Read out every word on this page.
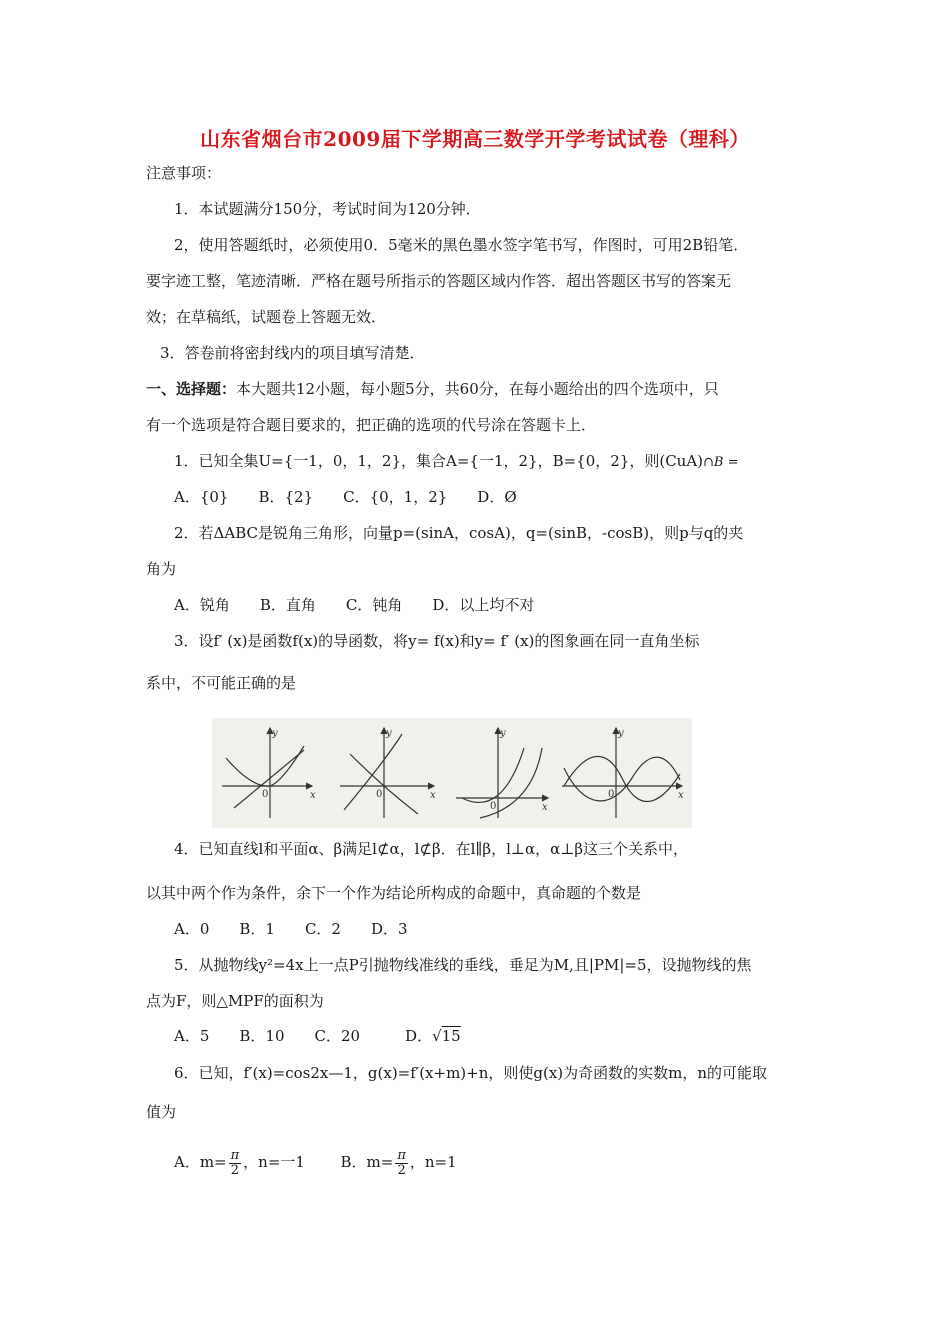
山东省烟台市2009届下学期高三数学开学考试试卷（理科）
注意事项：
1．本试题满分150分，考试时间为120分钟．
2，使用答题纸时，必须使用0．5毫米的黑色墨水签字笔书写，作图时，可用2B铅笔．
要字迹工整，笔迹清晰．严格在题号所指示的答题区域内作答．超出答题区书写的答案无
效；在草稿纸，试题卷上答题无效．
3．答卷前将密封线内的项目填写清楚．
一、选择题：本大题共12小题，每小题5分，共60分，在每小题给出的四个选项中，只
有一个选项是符合题目要求的，把正确的选项的代号涂在答题卡上．
1．已知全集U={一1，0，1，2}，集合A={一1，2}，B={0，2}，则(CuA)∩B =
A．{0}　　B．{2}　　C．{0，1，2}　　D．Ø
2．若ΔABC是锐角三角形，向量p=(sinA，cosA)，q=(sinB，-cosB)，则p与q的夹
角为
A．锐角　　B．直角　　C．钝角　　D．以上均不对
3．设f′ (x)是函数f(x)的导函数，将y= f(x)和y= f′ (x)的图象画在同一直角坐标
系中，不可能正确的是
y
x
0
y
x
0
y
x
0
y
x
0
4．已知直线l和平面α、β满足l⊄α，l⊄β．在l∥β，l⊥α，α⊥β这三个关系中，
以其中两个作为条件，余下一个作为结论所构成的命题中，真命题的个数是
A．0　　B．1　　C．2　　D．3
5．从抛物线y²=4x上一点P引抛物线准线的垂线，垂足为M,且|PM|=5，设抛物线的焦
点为F，则△MPF的面积为
A．5　　B．10　　C．20　　　D．√15
6．已知，f′(x)=cos2x—1，g(x)=f′(x+m)+n，则使g(x)为奇函数的实数m，n的可能取
值为
A．$m= \frac{\pi}{2}$ ，n=一1 B．$m= \frac{\pi}{2}$ ，n=1
